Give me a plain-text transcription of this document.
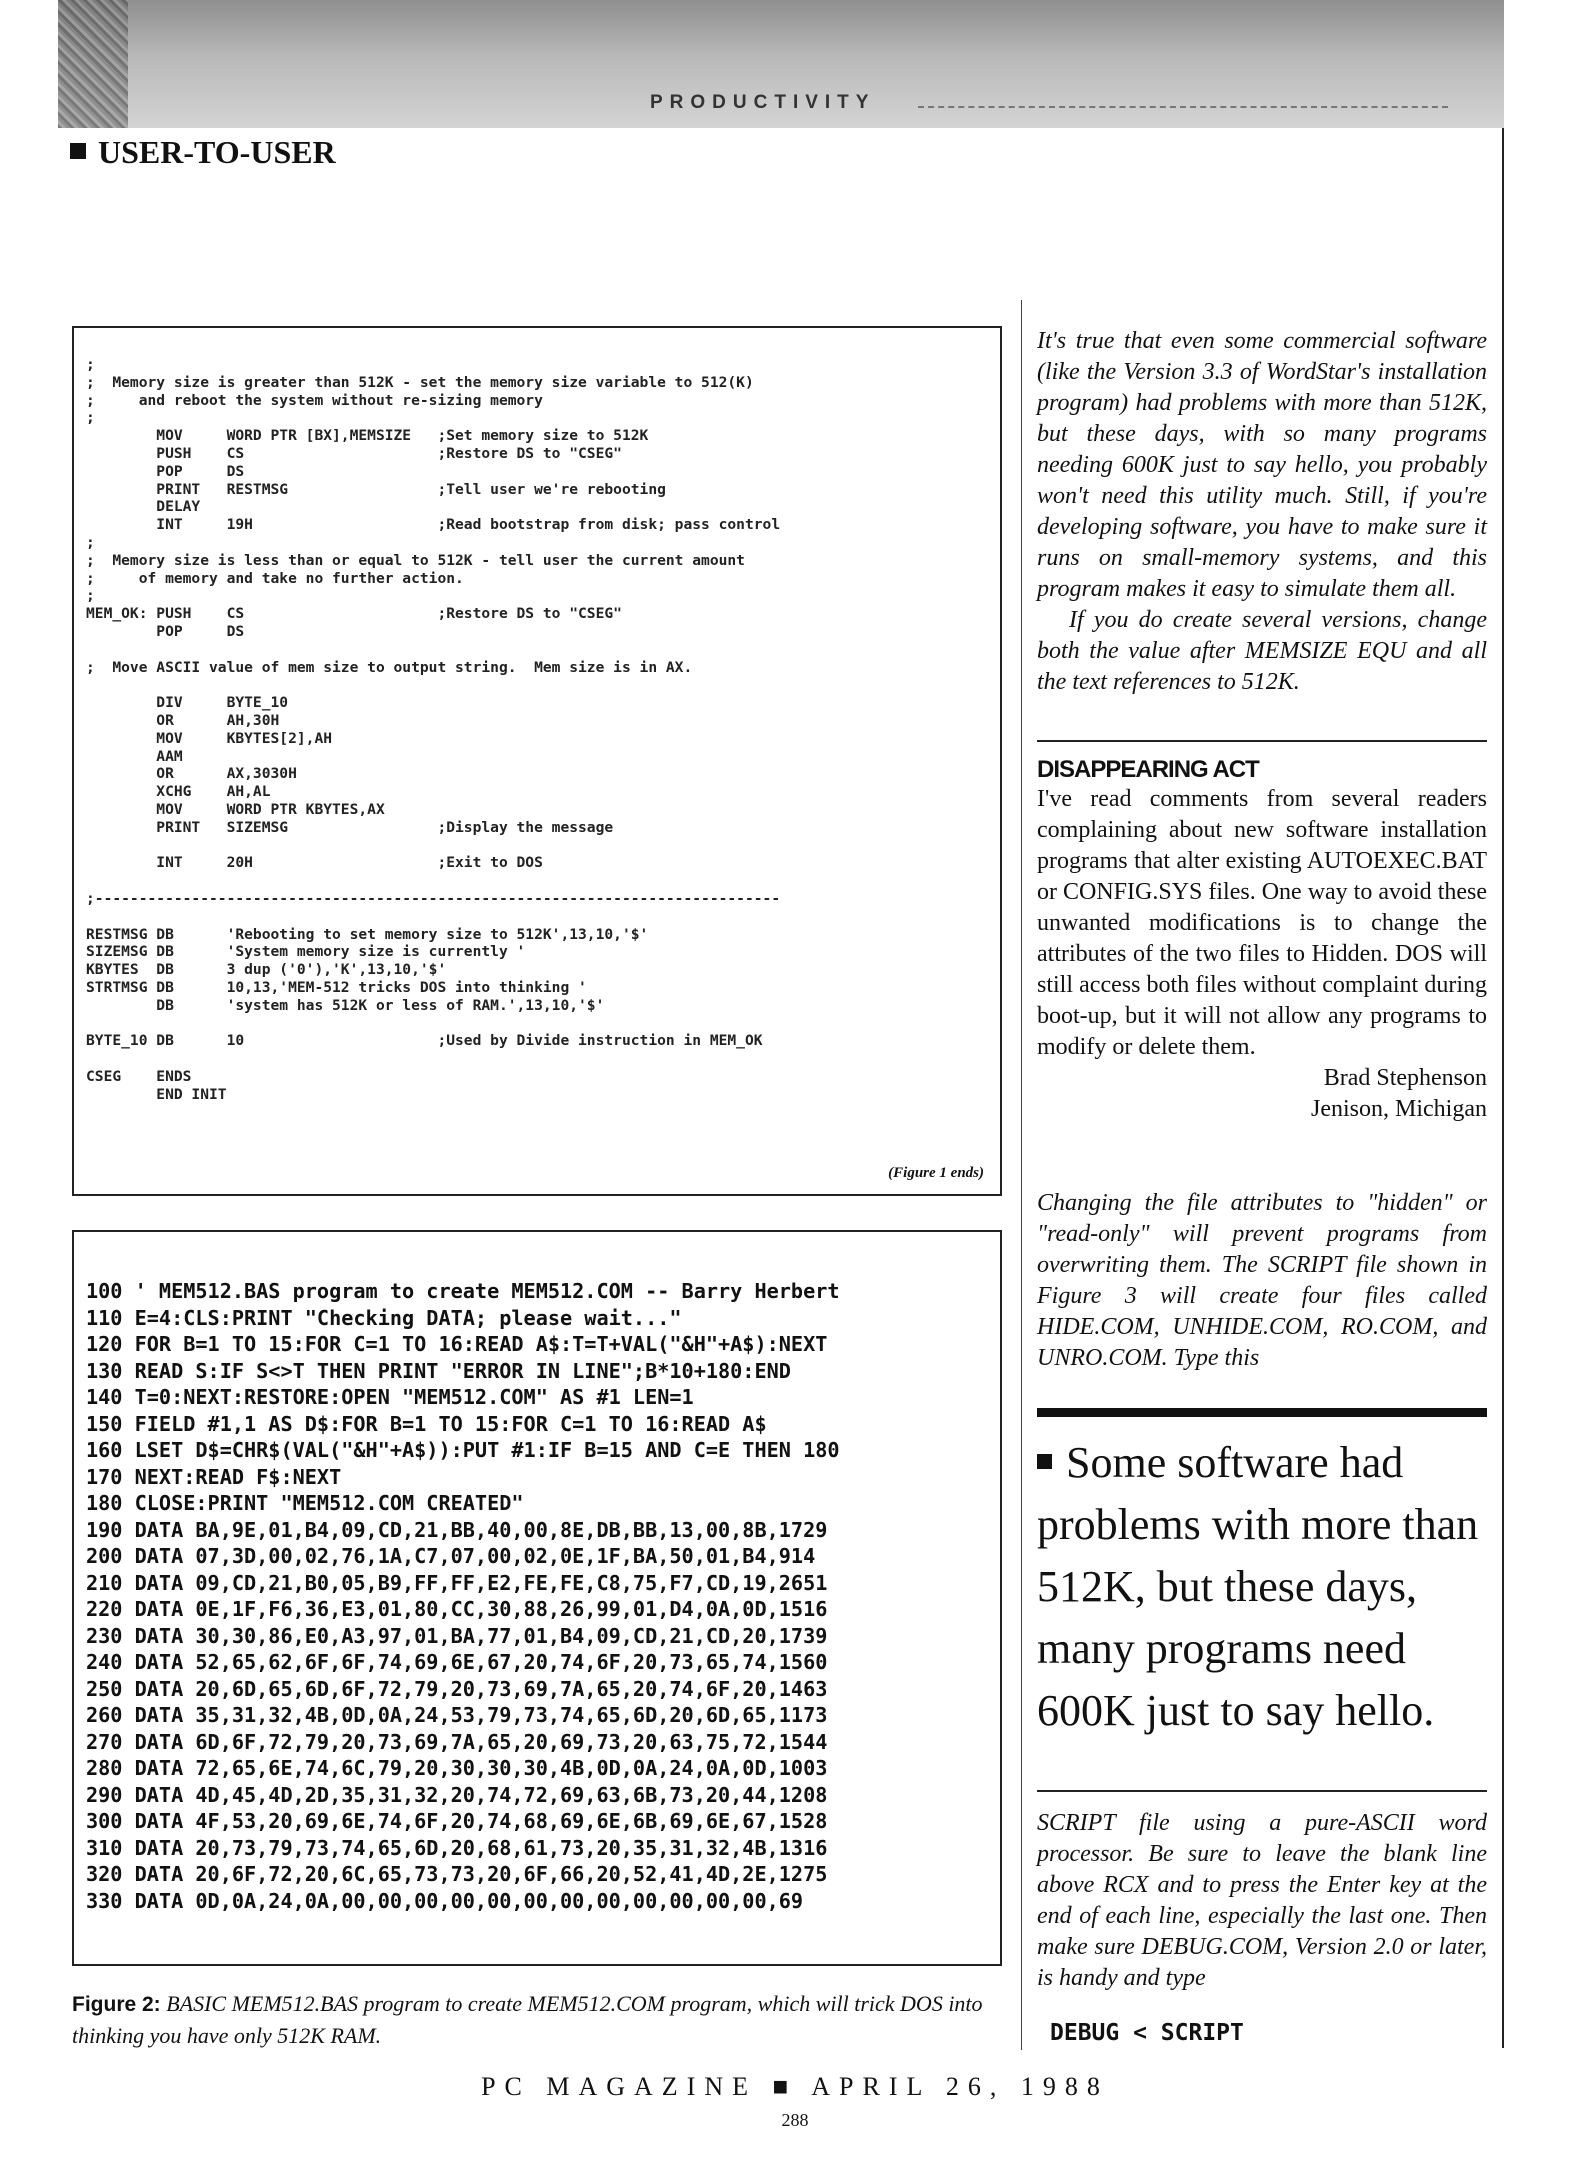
PRODUCTIVITY
USER-TO-USER
;
;  Memory size is greater than 512K - set the memory size variable to 512(K)
;     and reboot the system without re-sizing memory
;
MOV     WORD PTR [BX],MEMSIZE   ;Set memory size to 512K
PUSH    CS                      ;Restore DS to "CSEG"
POP     DS
PRINT   RESTMSG                 ;Tell user we're rebooting
DELAY
INT     19H                     ;Read bootstrap from disk; pass control
;
;  Memory size is less than or equal to 512K - tell user the current amount
;     of memory and take no further action.
;
MEM_OK: PUSH    CS                      ;Restore DS to "CSEG"
POP     DS

;  Move ASCII value of mem size to output string.  Mem size is in AX.

DIV     BYTE_10
OR      AH,30H
MOV     KBYTES[2],AH
AAM
OR      AX,3030H
XCHG    AH,AL
MOV     WORD PTR KBYTES,AX
PRINT   SIZEMSG                 ;Display the message

INT     20H                     ;Exit to DOS

;------------------------------------------------------------------------------

RESTMSG DB      'Rebooting to set memory size to 512K',13,10,'$'
SIZEMSG DB      'System memory size is currently '
KBYTES  DB      3 dup ('0'),'K',13,10,'$'
STRTMSG DB      10,13,'MEM-512 tricks DOS into thinking '
DB      'system has 512K or less of RAM.',13,10,'$'

BYTE_10 DB      10                      ;Used by Divide instruction in MEM_OK

CSEG    ENDS
END INIT
(Figure 1 ends)
100 ' MEM512.BAS program to create MEM512.COM -- Barry Herbert
110 E=4:CLS:PRINT "Checking DATA; please wait..."
120 FOR B=1 TO 15:FOR C=1 TO 16:READ A$:T=T+VAL("&H"+A$):NEXT
130 READ S:IF S<>T THEN PRINT "ERROR IN LINE";B*10+180:END
140 T=0:NEXT:RESTORE:OPEN "MEM512.COM" AS #1 LEN=1
150 FIELD #1,1 AS D$:FOR B=1 TO 15:FOR C=1 TO 16:READ A$
160 LSET D$=CHR$(VAL("&H"+A$)):PUT #1:IF B=15 AND C=E THEN 180
170 NEXT:READ F$:NEXT
180 CLOSE:PRINT "MEM512.COM CREATED"
190 DATA BA,9E,01,B4,09,CD,21,BB,40,00,8E,DB,BB,13,00,8B,1729
200 DATA 07,3D,00,02,76,1A,C7,07,00,02,0E,1F,BA,50,01,B4,914
210 DATA 09,CD,21,B0,05,B9,FF,FF,E2,FE,FE,C8,75,F7,CD,19,2651
220 DATA 0E,1F,F6,36,E3,01,80,CC,30,88,26,99,01,D4,0A,0D,1516
230 DATA 30,30,86,E0,A3,97,01,BA,77,01,B4,09,CD,21,CD,20,1739
240 DATA 52,65,62,6F,6F,74,69,6E,67,20,74,6F,20,73,65,74,1560
250 DATA 20,6D,65,6D,6F,72,79,20,73,69,7A,65,20,74,6F,20,1463
260 DATA 35,31,32,4B,0D,0A,24,53,79,73,74,65,6D,20,6D,65,1173
270 DATA 6D,6F,72,79,20,73,69,7A,65,20,69,73,20,63,75,72,1544
280 DATA 72,65,6E,74,6C,79,20,30,30,30,4B,0D,0A,24,0A,0D,1003
290 DATA 4D,45,4D,2D,35,31,32,20,74,72,69,63,6B,73,20,44,1208
300 DATA 4F,53,20,69,6E,74,6F,20,74,68,69,6E,6B,69,6E,67,1528
310 DATA 20,73,79,73,74,65,6D,20,68,61,73,20,35,31,32,4B,1316
320 DATA 20,6F,72,20,6C,65,73,73,20,6F,66,20,52,41,4D,2E,1275
330 DATA 0D,0A,24,0A,00,00,00,00,00,00,00,00,00,00,00,00,69
Figure 2: BASIC MEM512.BAS program to create MEM512.COM program, which will trick DOS into thinking you have only 512K RAM.

It's true that even some commercial software (like the Version 3.3 of WordStar's installation program) had problems with more than 512K, but these days, with so many programs needing 600K just to say hello, you probably won't need this utility much. Still, if you're developing software, you have to make sure it runs on small-memory systems, and this program makes it easy to simulate them all.

If you do create several versions, change both the value after MEMSIZE EQU and all the text references to 512K.

DISAPPEARING ACT

I've read comments from several readers complaining about new software installation programs that alter existing AUTOEXEC.BAT or CONFIG.SYS files. One way to avoid these unwanted modifications is to change the attributes of the two files to Hidden. DOS will still access both files without complaint during boot-up, but it will not allow any programs to modify or delete them.

Brad Stephenson

Jenison, Michigan

Changing the file attributes to "hidden" or "read-only" will prevent programs from overwriting them. The SCRIPT file shown in Figure 3 will create four files called HIDE.COM, UNHIDE.COM, RO.COM, and UNRO.COM. Type this

Some software had problems with more than 512K, but these days, many programs need 600K just to say hello.

SCRIPT file using a pure-ASCII word processor. Be sure to leave the blank line above RCX and to press the Enter key at the end of each line, especially the last one. Then make sure DEBUG.COM, Version 2.0 or later, is handy and type

DEBUG < SCRIPT
PC MAGAZINE ■ APRIL 26, 1988
288
